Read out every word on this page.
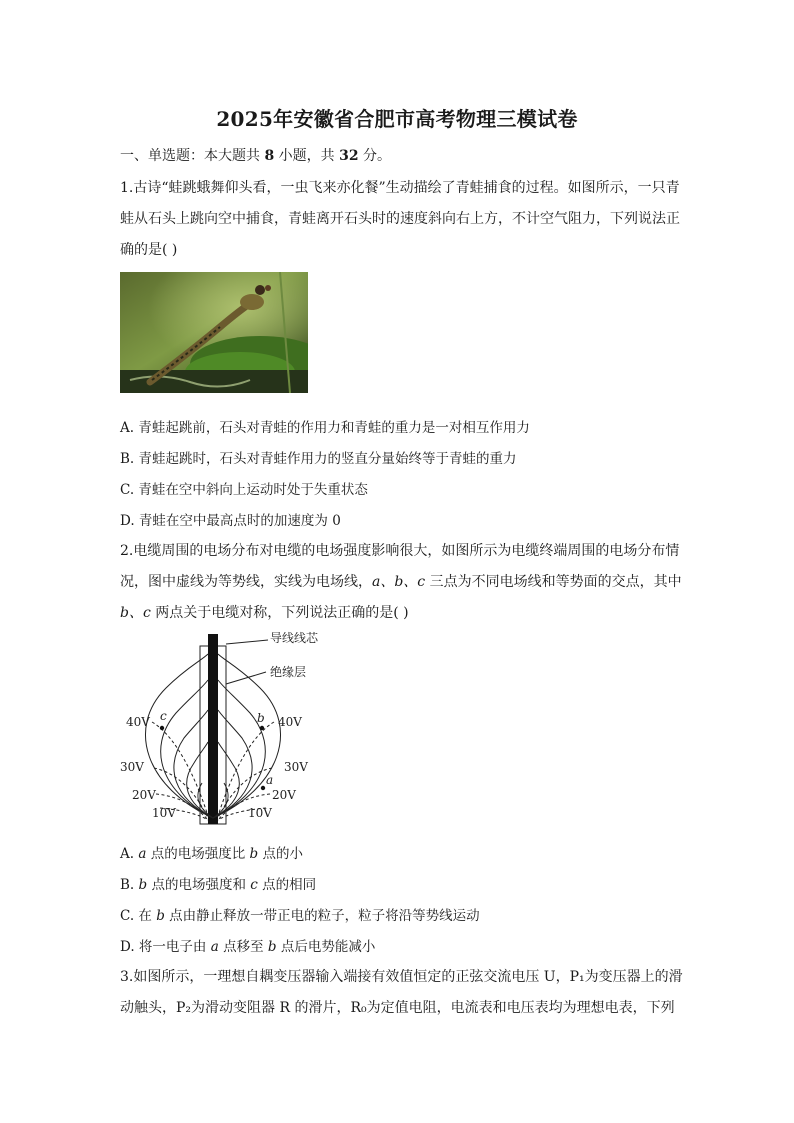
2025年安徽省合肥市高考物理三模试卷
一、单选题：本大题共 8 小题，共 32 分。
1.古诗“蛙跳蛾舞仰头看，一虫飞来亦化餐”生动描绘了青蛙捕食的过程。如图所示，一只青
蛙从石头上跳向空中捕食，青蛙离开石头时的速度斜向右上方，不计空气阻力，下列说法正
确的是( )
A. 青蛙起跳前，石头对青蛙的作用力和青蛙的重力是一对相互作用力
B. 青蛙起跳时，石头对青蛙作用力的竖直分量始终等于青蛙的重力
C. 青蛙在空中斜向上运动时处于失重状态
D. 青蛙在空中最高点时的加速度为 0
2.电缆周围的电场分布对电缆的电场强度影响很大，如图所示为电缆终端周围的电场分布情
况，图中虚线为等势线，实线为电场线，a、b、c 三点为不同电场线和等势面的交点，其中
b、c 两点关于电缆对称，下列说法正确的是( )
导线线芯
绝缘层
40V
30V
20V
10V
40V
30V
20V
10V
c	b
a
A. a 点的电场强度比 b 点的小
B. b 点的电场强度和 c 点的相同
C. 在 b 点由静止释放一带正电的粒子，粒子将沿等势线运动
D. 将一电子由 a 点移至 b 点后电势能减小
3.如图所示，一理想自耦变压器输入端接有效值恒定的正弦交流电压 U，P₁为变压器上的滑
动触头，P₂为滑动变阻器 R 的滑片，R₀为定值电阻，电流表和电压表均为理想电表，下列
